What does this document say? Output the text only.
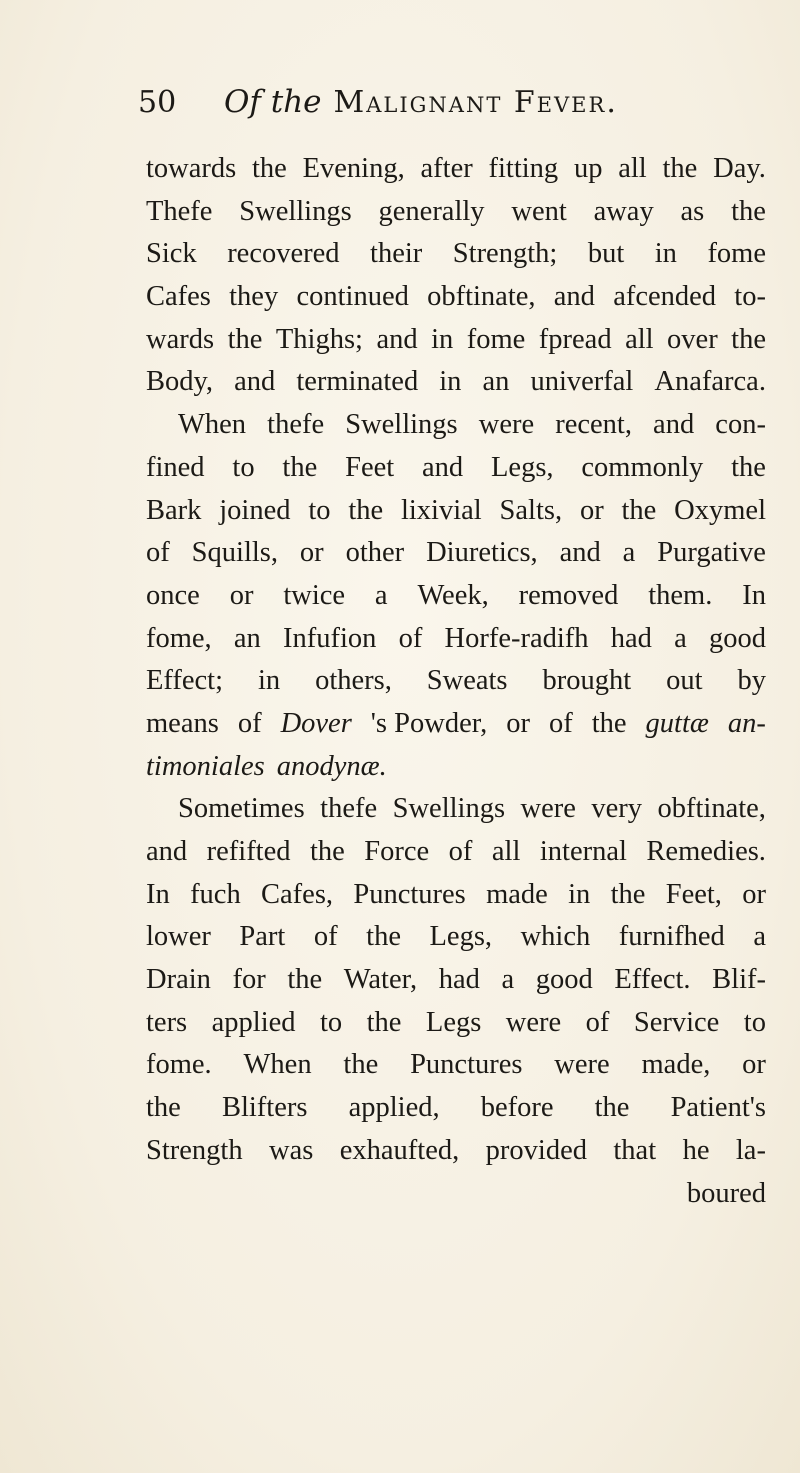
50	Of the Malignant Fever.
towards the Evening, after fitting up all the Day.
Thefe Swellings generally went away as the
Sick recovered their Strength; but in fome
Cafes they continued obftinate, and afcended to-
wards the Thighs; and in fome fpread all over the
Body, and terminated in an univerfal Anafarca.
When thefe Swellings were recent, and con-
fined to the Feet and Legs, commonly the
Bark joined to the lixivial Salts, or the Oxymel
of Squills, or other Diuretics, and a Purgative
once or twice a Week, removed them. In
fome, an Infufion of Horfe-radifh had a good
Effect; in others, Sweats brought out by
means of Dover 's Powder, or of the guttæ an-
timoniales anodynæ.
Sometimes thefe Swellings were very obftinate,
and refifted the Force of all internal Remedies.
In fuch Cafes, Punctures made in the Feet, or
lower Part of the Legs, which furnifhed a
Drain for the Water, had a good Effect. Blif-
ters applied to the Legs were of Service to
fome. When the Punctures were made, or
the Blifters applied, before the Patient's
Strength was exhaufted, provided that he la-
boured
